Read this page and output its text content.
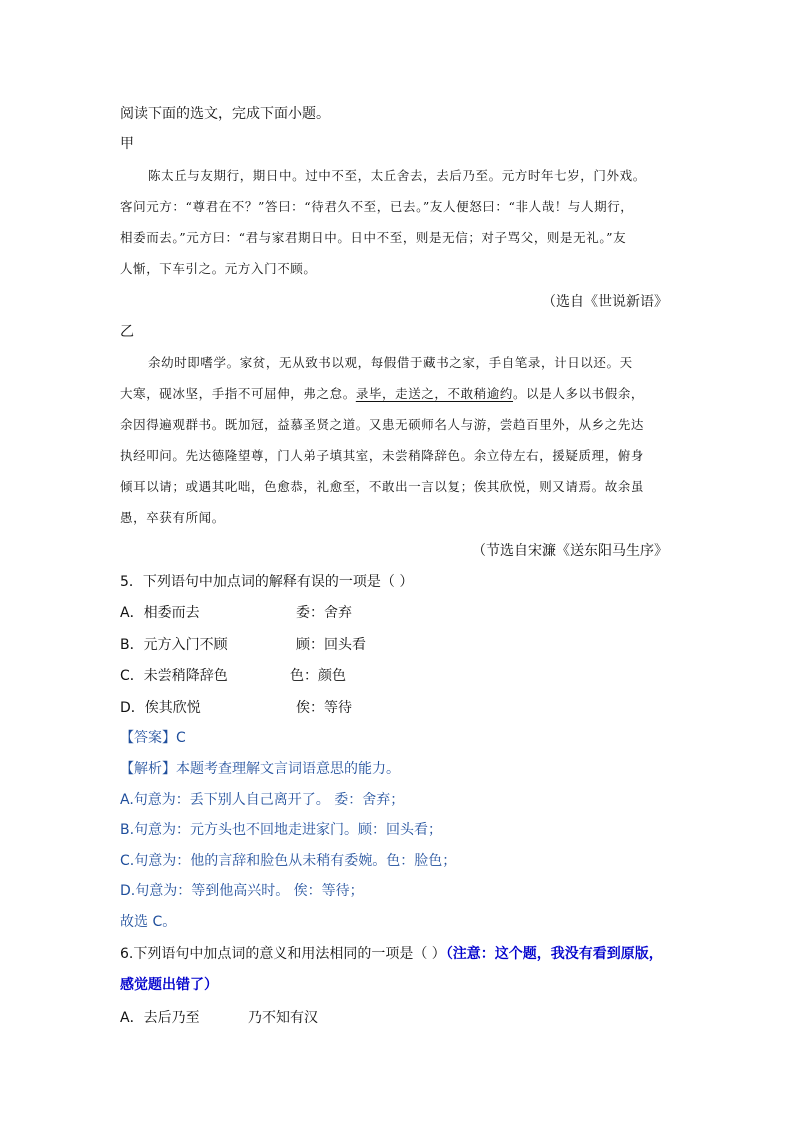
阅读下面的选文，完成下面小题。
甲
陈太丘与友期行，期日中。过中不至，太丘舍去，去后乃至。元方时年七岁，门外戏。
客问元方：“尊君在不？”答曰：“待君久不至，已去。”友人便怒曰：“非人哉！与人期行，
相委而去。”元方曰：“君与家君期日中。日中不至，则是无信；对子骂父，则是无礼。”友
人惭，下车引之。元方入门不顾。
（选自《世说新语》
乙
余幼时即嗜学。家贫，无从致书以观，每假借于藏书之家，手自笔录，计日以还。天
大寒，砚冰坚，手指不可屈伸，弗之怠。录毕，走送之，不敢稍逾约。以是人多以书假余，
余因得遍观群书。既加冠，益慕圣贤之道。又患无硕师名人与游，尝趋百里外，从乡之先达
执经叩问。先达德隆望尊，门人弟子填其室，未尝稍降辞色。余立侍左右，援疑质理，俯身
倾耳以请；或遇其叱咄，色愈恭，礼愈至，不敢出一言以复；俟其欣悦，则又请焉。故余虽
愚，卒获有所闻。
（节选自宋濂《送东阳马生序》
5．下列语句中加点词的解释有误的一项是（ ）
A．相委而去	委：舍弃
B．元方入门不顾	顾：回头看
C．未尝稍降辞色	色：颜色
D．俟其欣悦	俟：等待
【答案】C
【解析】本题考查理解文言词语意思的能力。
A.句意为：丢下别人自己离开了。 委：舍弃；
B.句意为：元方头也不回地走进家门。顾：回头看；
C.句意为：他的言辞和脸色从未稍有委婉。色：脸色；
D.句意为：等到他高兴时。 俟：等待；
故选 C。
6.下列语句中加点词的意义和用法相同的一项是（ ）（注意：这个题，我没有看到原版，
感觉题出错了）
A．去后乃至	乃不知有汉
